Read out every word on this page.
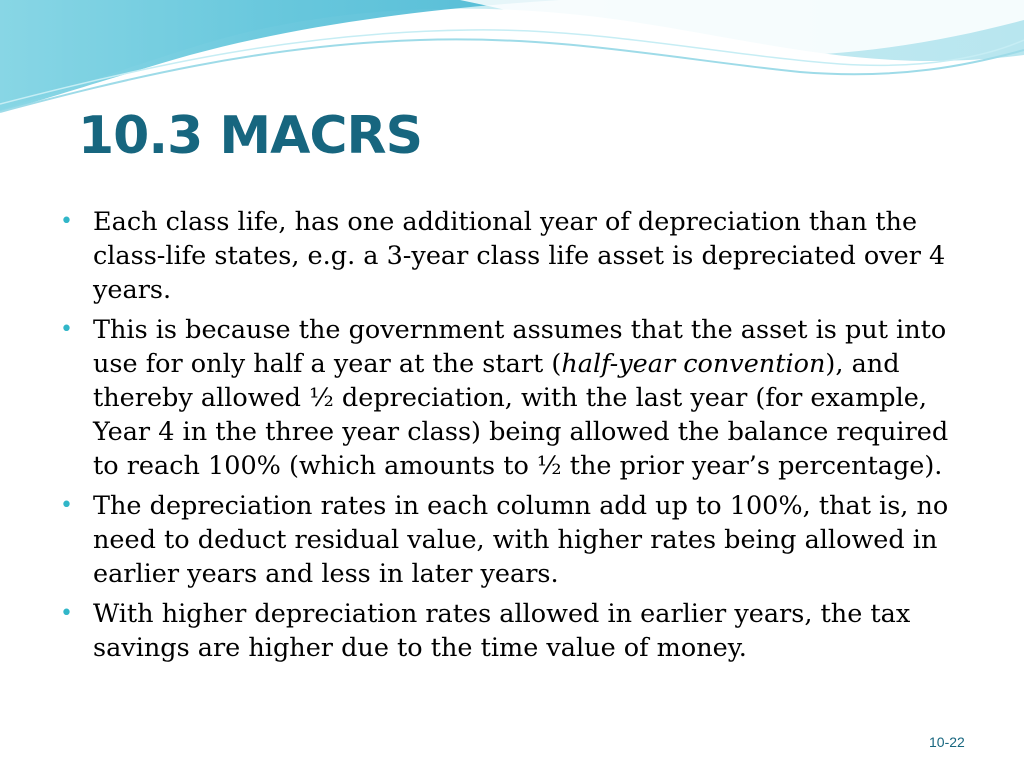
10.3 MACRS
• Each class life, has one additional year of depreciation than the class-life states, e.g. a 3-year class life asset is depreciated over 4 years.
• This is because the government assumes that the asset is put into use for only half a year at the start (half-year convention), and thereby allowed ½ depreciation, with the last year (for example, Year 4 in the three year class) being allowed the balance required to reach 100% (which amounts to ½ the prior year’s percentage).
• The depreciation rates in each column add up to 100%, that is, no need to deduct residual value, with higher rates being allowed in earlier years and less in later years.
• With higher depreciation rates allowed in earlier years, the tax savings are higher due to the time value of money.
10-22
